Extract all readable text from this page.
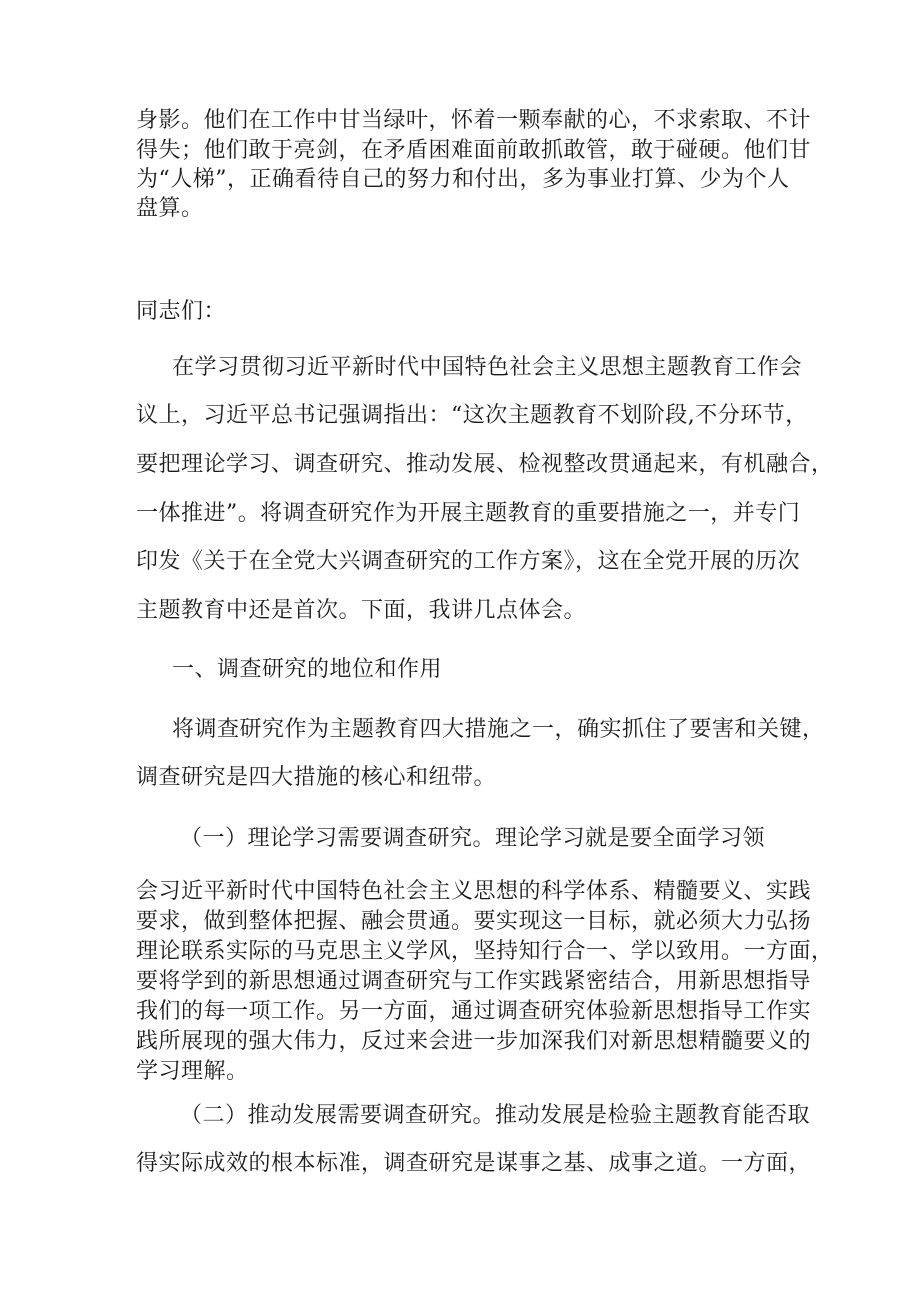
身影。他们在工作中甘当绿叶，怀着一颗奉献的心，不求索取、不计
得失；他们敢于亮剑，在矛盾困难面前敢抓敢管，敢于碰硬。他们甘
为“人梯”，正确看待自己的努力和付出，多为事业打算、少为个人
盘算。
同志们：
在学习贯彻习近平新时代中国特色社会主义思想主题教育工作会
议上，习近平总书记强调指出：“这次主题教育不划阶段,不分环节，
要把理论学习、调查研究、推动发展、检视整改贯通起来，有机融合，
一体推进”。将调查研究作为开展主题教育的重要措施之一，并专门
印发《关于在全党大兴调查研究的工作方案》，这在全党开展的历次
主题教育中还是首次。下面，我讲几点体会。
一、调查研究的地位和作用
将调查研究作为主题教育四大措施之一，确实抓住了要害和关键，
调查研究是四大措施的核心和纽带。
（一）理论学习需要调查研究。理论学习就是要全面学习领
会习近平新时代中国特色社会主义思想的科学体系、精髓要义、实践
要求，做到整体把握、融会贯通。要实现这一目标，就必须大力弘扬
理论联系实际的马克思主义学风，坚持知行合一、学以致用。一方面，
要将学到的新思想通过调查研究与工作实践紧密结合，用新思想指导
我们的每一项工作。另一方面，通过调查研究体验新思想指导工作实
践所展现的强大伟力，反过来会进一步加深我们对新思想精髓要义的
学习理解。
（二）推动发展需要调查研究。推动发展是检验主题教育能否取
得实际成效的根本标准，调查研究是谋事之基、成事之道。一方面，
